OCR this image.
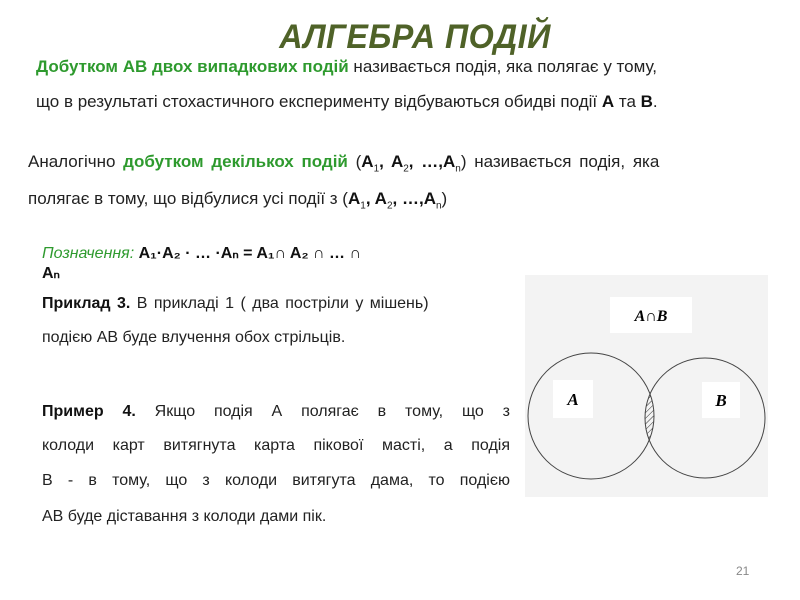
АЛГЕБРА ПОДІЙ
Добутком АВ двох випадкових подій називається подія, яка полягає у тому,
що в результаті стохастичного експерименту відбуваються обидві події А та В.
Аналогічно добутком декількох подій ($A_1$, $A_2$, $\dots,A_n$) називається подія, яка
полягає в тому, що відбулися усі події з ($A_1$, $A_2$, $\dots,A_n$)
Позначення: A₁·A₂ · … ·Aₙ = A₁∩ A₂ ∩ … ∩
Aₙ
Приклад 3. В прикладі 1 ( два постріли у мішень)
подією АВ буде влучення обох стрільців.
Пример 4. Якщо подія А полягає в тому, що з
колоди карт витягнута карта пікової масті, а подія
В - в тому, що з колоди витягута дама, то подією
АВ буде діставання з колоди дами пік.
A∩B
A	B
21
